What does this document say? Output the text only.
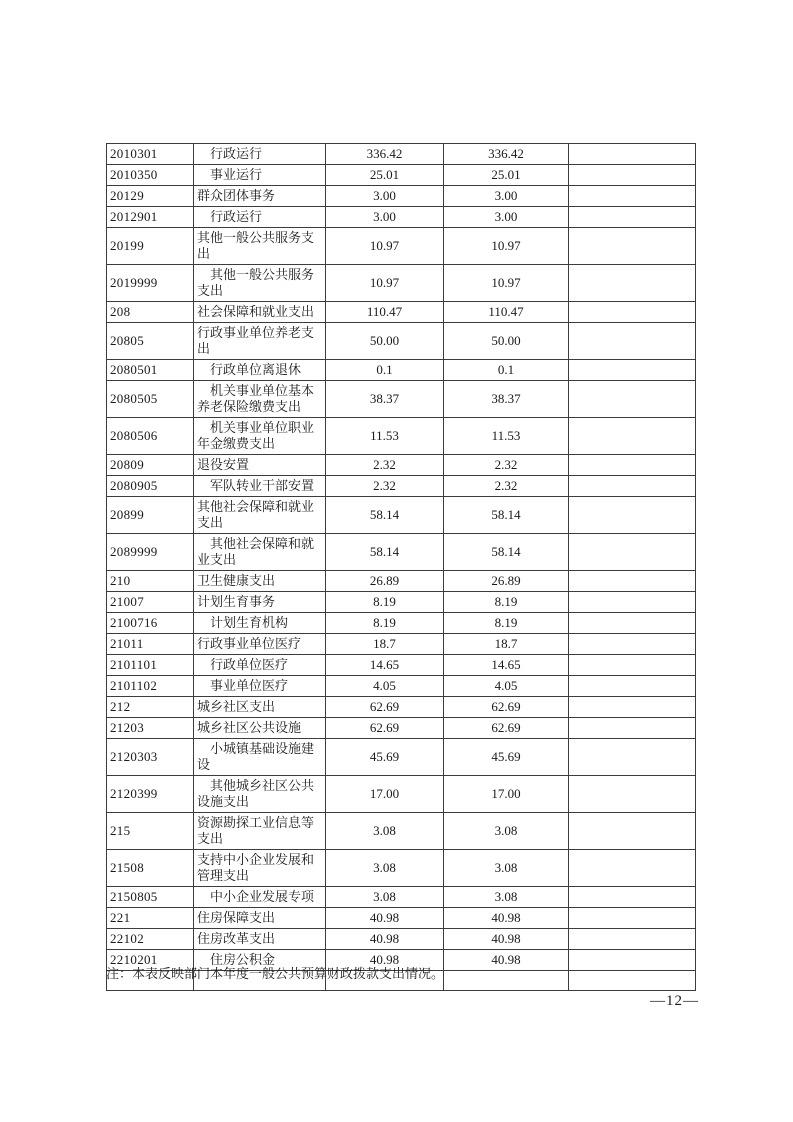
2010301	行政运行	336.42	336.42	
2010350	事业运行	25.01	25.01	
20129	群众团体事务	3.00	3.00	
2012901	行政运行	3.00	3.00	
20199	其他一般公共服务支出	10.97	10.97	
2019999	其他一般公共服务支出	10.97	10.97	
208	社会保障和就业支出	110.47	110.47	
20805	行政事业单位养老支出	50.00	50.00	
2080501	行政单位离退休	0.1	0.1	
2080505	机关事业单位基本养老保险缴费支出	38.37	38.37	
2080506	机关事业单位职业年金缴费支出	11.53	11.53	
20809	退役安置	2.32	2.32	
2080905	军队转业干部安置	2.32	2.32	
20899	其他社会保障和就业支出	58.14	58.14	
2089999	其他社会保障和就业支出	58.14	58.14	
210	卫生健康支出	26.89	26.89	
21007	计划生育事务	8.19	8.19	
2100716	计划生育机构	8.19	8.19	
21011	行政事业单位医疗	18.7	18.7	
2101101	行政单位医疗	14.65	14.65	
2101102	事业单位医疗	4.05	4.05	
212	城乡社区支出	62.69	62.69	
21203	城乡社区公共设施	62.69	62.69	
2120303	小城镇基础设施建设	45.69	45.69	
2120399	其他城乡社区公共设施支出	17.00	17.00	
215	资源勘探工业信息等支出	3.08	3.08	
21508	支持中小企业发展和管理支出	3.08	3.08	
2150805	中小企业发展专项	3.08	3.08	
221	住房保障支出	40.98	40.98	
22102	住房改革支出	40.98	40.98	
2210201	住房公积金	40.98	40.98	

注：本表反映部门本年度一般公共预算财政拨款支出情况。
—12—
